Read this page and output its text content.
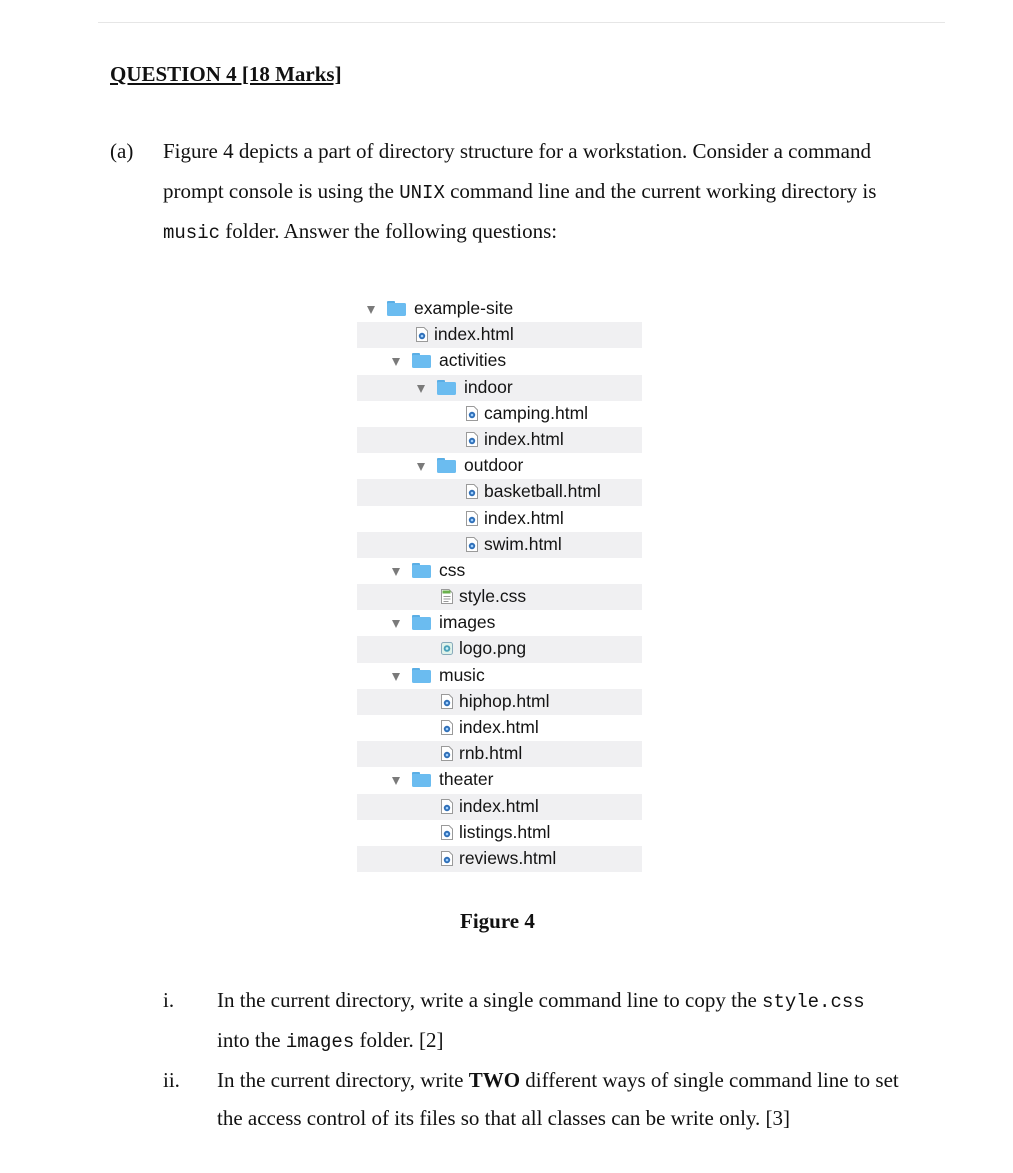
QUESTION 4 [18 Marks]
(a) Figure 4 depicts a part of directory structure for a workstation. Consider a command
prompt console is using the UNIX command line and the current working directory is
music folder. Answer the following questions:
example-site
index.html
activities
indoor
camping.html
index.html
outdoor
basketball.html
index.html
swim.html
css
style.css
images
logo.png
music
hiphop.html
index.html
rnb.html
theater
index.html
listings.html
reviews.html
Figure 4
i. In the current directory, write a single command line to copy the style.css
into the images folder. [2]
ii. In the current directory, write TWO different ways of single command line to set
the access control of its files so that all classes can be write only. [3]
